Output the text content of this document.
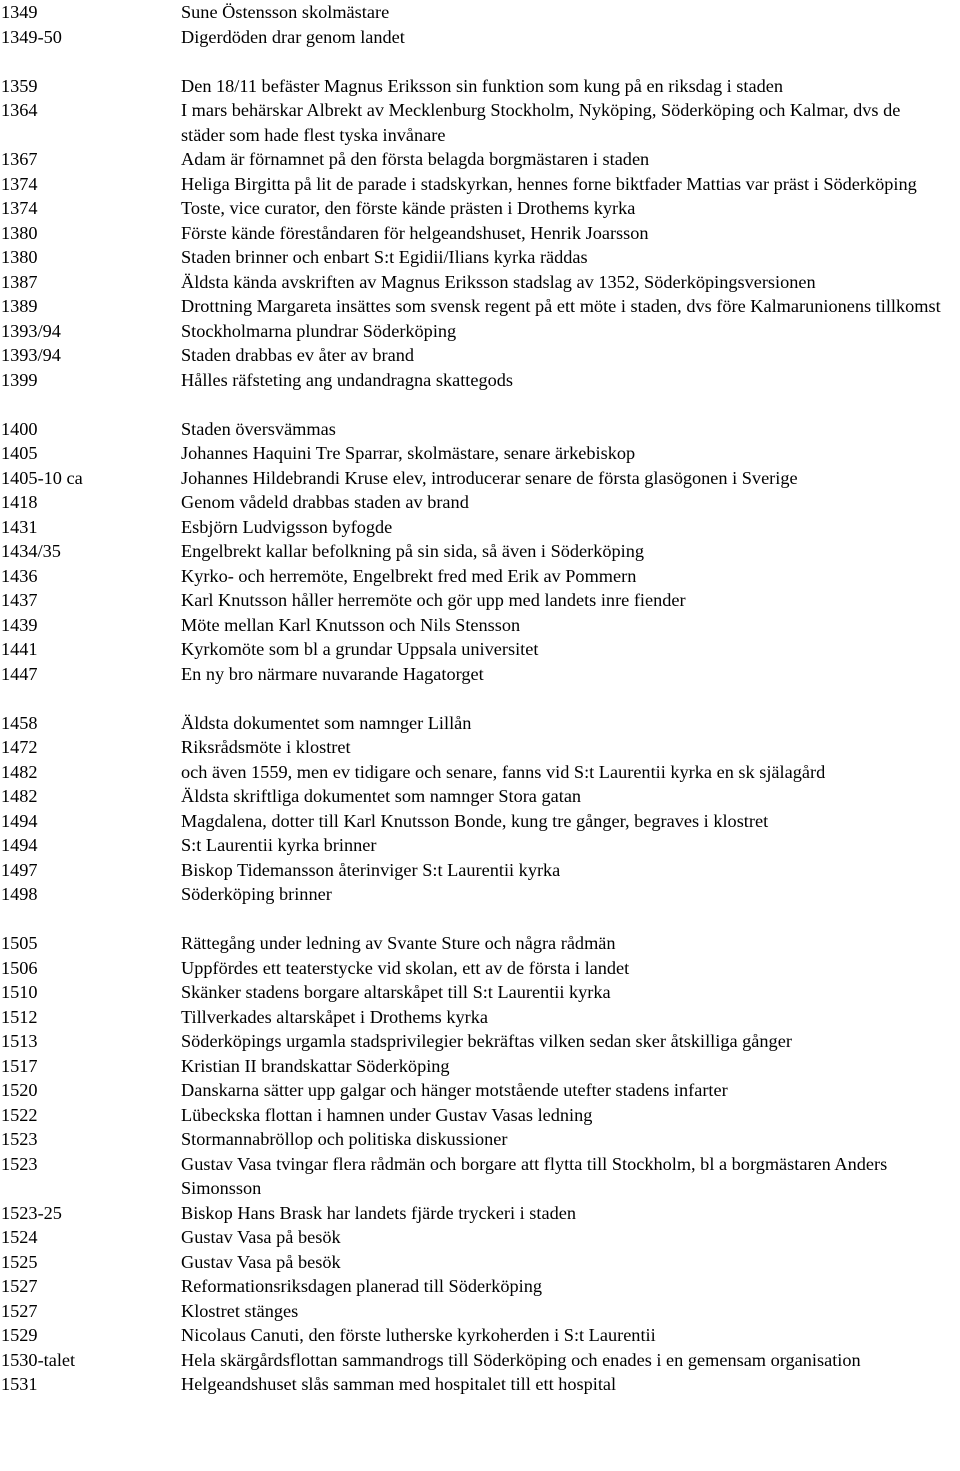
1349	Sune Östensson skolmästare
1349-50	Digerdöden drar genom landet
1359	Den 18/11 befäster Magnus Eriksson sin funktion som kung på en riksdag i staden
1364	I mars behärskar Albrekt av Mecklenburg Stockholm, Nyköping, Söderköping och Kalmar, dvs de städer som hade flest tyska invånare
1367	Adam är förnamnet på den första belagda borgmästaren i staden
1374	Heliga Birgitta på lit de parade i stadskyrkan, hennes forne biktfader Mattias var präst i Söderköping
1374	Toste, vice curator, den förste kände prästen i Drothems kyrka
1380	Förste kände föreståndaren för helgeandshuset, Henrik Joarsson
1380	Staden brinner och enbart S:t Egidii/Ilians kyrka räddas
1387	Äldsta kända avskriften av Magnus Eriksson stadslag av 1352, Söderköpingsversionen
1389	Drottning Margareta insättes som svensk regent på ett möte i staden, dvs före Kalmarunionens tillkomst
1393/94	Stockholmarna plundrar Söderköping
1393/94	Staden drabbas ev åter av brand
1399	Hålles räfsteting ang undandragna skattegods
1400	Staden översvämmas
1405	Johannes Haquini Tre Sparrar, skolmästare, senare ärkebiskop
1405-10 ca	Johannes Hildebrandi Kruse elev, introducerar senare de första glasögonen i Sverige
1418	Genom vådeld drabbas staden av brand
1431	Esbjörn Ludvigsson byfogde
1434/35	Engelbrekt kallar befolkning på sin sida, så även i Söderköping
1436	Kyrko- och herremöte, Engelbrekt fred med Erik av Pommern
1437	Karl Knutsson håller herremöte och gör upp med landets inre fiender
1439	Möte mellan Karl Knutsson och Nils Stensson
1441	Kyrkomöte som bl a grundar Uppsala universitet
1447	En ny bro närmare nuvarande Hagatorget
1458	Äldsta dokumentet som namnger Lillån
1472	Riksrådsmöte i klostret
1482	och även 1559, men ev tidigare och senare, fanns vid S:t Laurentii kyrka en sk själagård
1482	Äldsta skriftliga dokumentet som namnger Stora gatan
1494	Magdalena, dotter till Karl Knutsson Bonde, kung tre gånger, begraves i klostret
1494	S:t Laurentii kyrka brinner
1497	Biskop Tidemansson återinviger S:t Laurentii kyrka
1498	Söderköping brinner
1505	Rättegång under ledning av Svante Sture och några rådmän
1506	Uppfördes ett teaterstycke vid skolan, ett av de första i landet
1510	Skänker stadens borgare altarskåpet till S:t Laurentii kyrka
1512	Tillverkades altarskåpet i Drothems kyrka
1513	Söderköpings urgamla stadsprivilegier bekräftas vilken sedan sker åtskilliga gånger
1517	Kristian II brandskattar Söderköping
1520	Danskarna sätter upp galgar och hänger motstående utefter stadens infarter
1522	Lübeckska flottan i hamnen under Gustav Vasas ledning
1523	Stormannabröllop och politiska diskussioner
1523	Gustav Vasa tvingar flera rådmän och borgare att flytta till Stockholm, bl a borgmästaren Anders Simonsson
1523-25	Biskop Hans Brask har landets fjärde tryckeri i staden
1524	Gustav Vasa på besök
1525	Gustav Vasa på besök
1527	Reformationsriksdagen planerad till Söderköping
1527	Klostret stänges
1529	Nicolaus Canuti, den förste lutherske kyrkoherden i S:t Laurentii
1530-talet	Hela skärgårdsflottan sammandrogs till Söderköping och enades i en gemensam organisation
1531	Helgeandshuset slås samman med hospitalet till ett hospital
